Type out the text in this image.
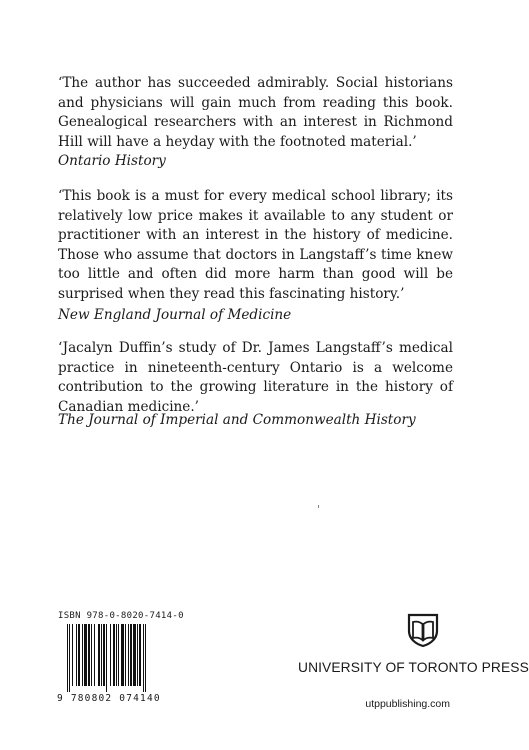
‘The author has succeeded admirably. Social historians and physicians will gain much from reading this book. Genealogical researchers with an interest in Richmond Hill will have a heyday with the footnoted material.’

Ontario History

‘This book is a must for every medical school library; its relatively low price makes it available to any student or practitioner with an interest in the history of medicine. Those who assume that doctors in Langstaff’s time knew too little and often did more harm than good will be surprised when they read this fascinating history.’

New England Journal of Medicine

‘Jacalyn Duffin’s study of Dr. James Langstaff’s medical practice in nineteenth-century Ontario is a welcome contribution to the growing literature in the history of Canadian medicine.’

The Journal of Imperial and Commonwealth History

ISBN 978-0-8020-7414-0
9 780802 074140
UNIVERSITY OF TORONTO PRESS
utppublishing.com
